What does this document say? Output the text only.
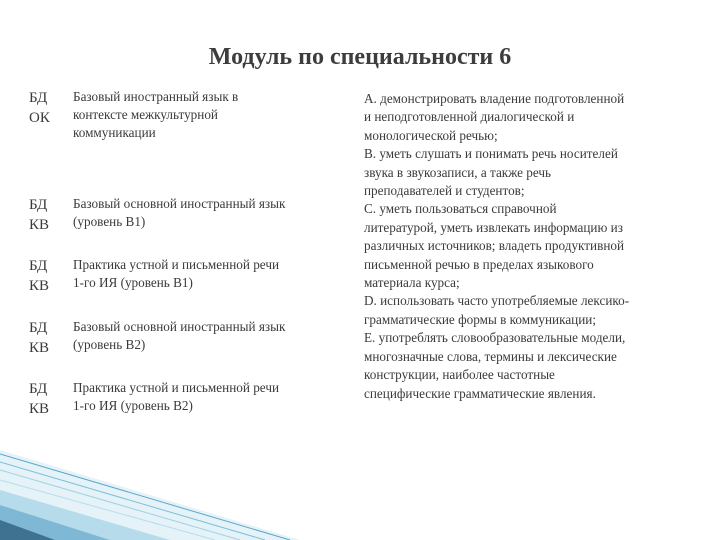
Модуль по специальности 6
БД
ОК
Базовый иностранный язык в
контексте межкультурной
коммуникации
БД
КВ
Базовый основной иностранный язык
(уровень В1)
БД
КВ
Практика устной и письменной речи
1-го ИЯ (уровень В1)
БД
КВ
Базовый основной иностранный язык
(уровень В2)
БД
КВ
Практика устной и письменной речи
1-го ИЯ (уровень В2)

А. демонстрировать владение подготовленной

и неподготовленной диалогической и

монологической речью;

В. уметь слушать и понимать речь носителей

звука в звукозаписи, а также речь

преподавателей и студентов;

С. уметь пользоваться справочной

литературой, уметь извлекать информацию из

различных источников; владеть продуктивной

письменной речью в пределах языкового

материала курса;

D. использовать часто употребляемые лексико-

грамматические формы в коммуникации;

Е. употреблять словообразовательные модели,

многозначные слова, термины и лексические

конструкции, наиболее частотные

специфические грамматические явления.
